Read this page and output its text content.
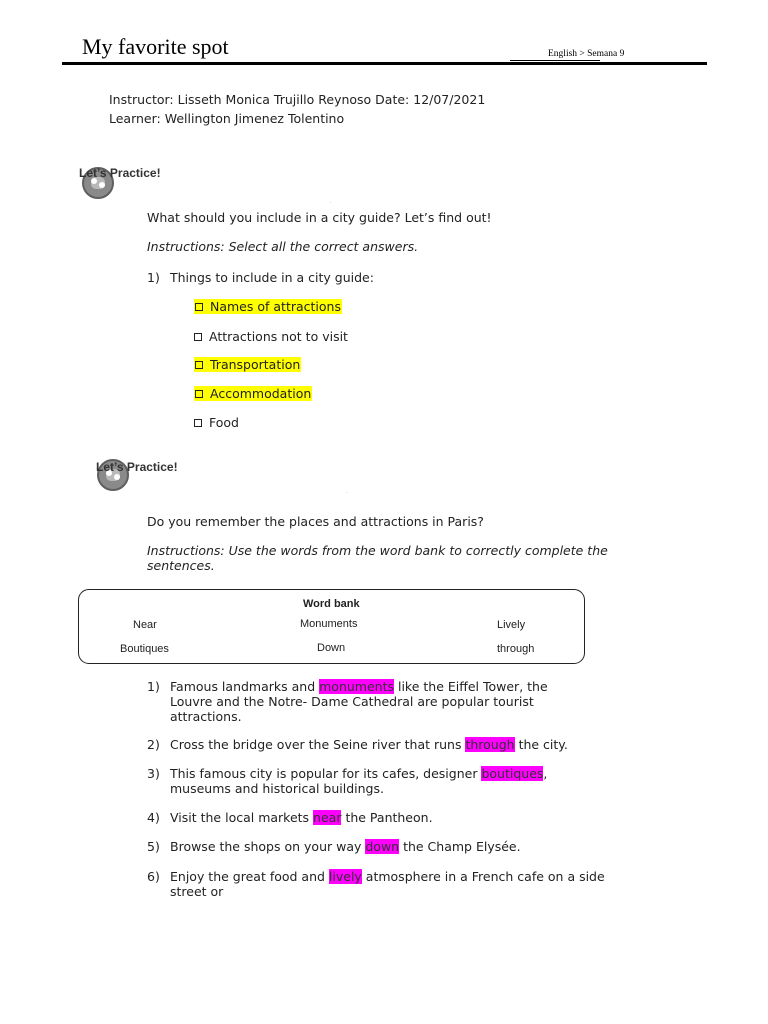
My favorite spot	English > Semana 9
Instructor: Lisseth Monica Trujillo Reynoso Date: 12/07/2021
Learner: Wellington Jimenez Tolentino
Let’s Practice!
.
What should you include in a city guide? Let’s find out!
Instructions: Select all the correct answers.
1) Things to include in a city guide:
Names of attractions
Attractions not to visit
Transportation
Accommodation
Food
Let’s Practice!
.
Do you remember the places and attractions in Paris?
Instructions: Use the words from the word bank to correctly complete the
sentences.
Word bank
Near	Monuments	Lively
Boutiques	Down	through
1) Famous landmarks and monuments like the Eiffel Tower, the
Louvre and the Notre- Dame Cathedral are popular tourist
attractions.
2) Cross the bridge over the Seine river that runs through the city.
3) This famous city is popular for its cafes, designer boutiques,
museums and historical buildings.
4) Visit the local markets near the Pantheon.
5) Browse the shops on your way down the Champ Elysée.
6) Enjoy the great food and lively atmosphere in a French cafe on a side
street or
